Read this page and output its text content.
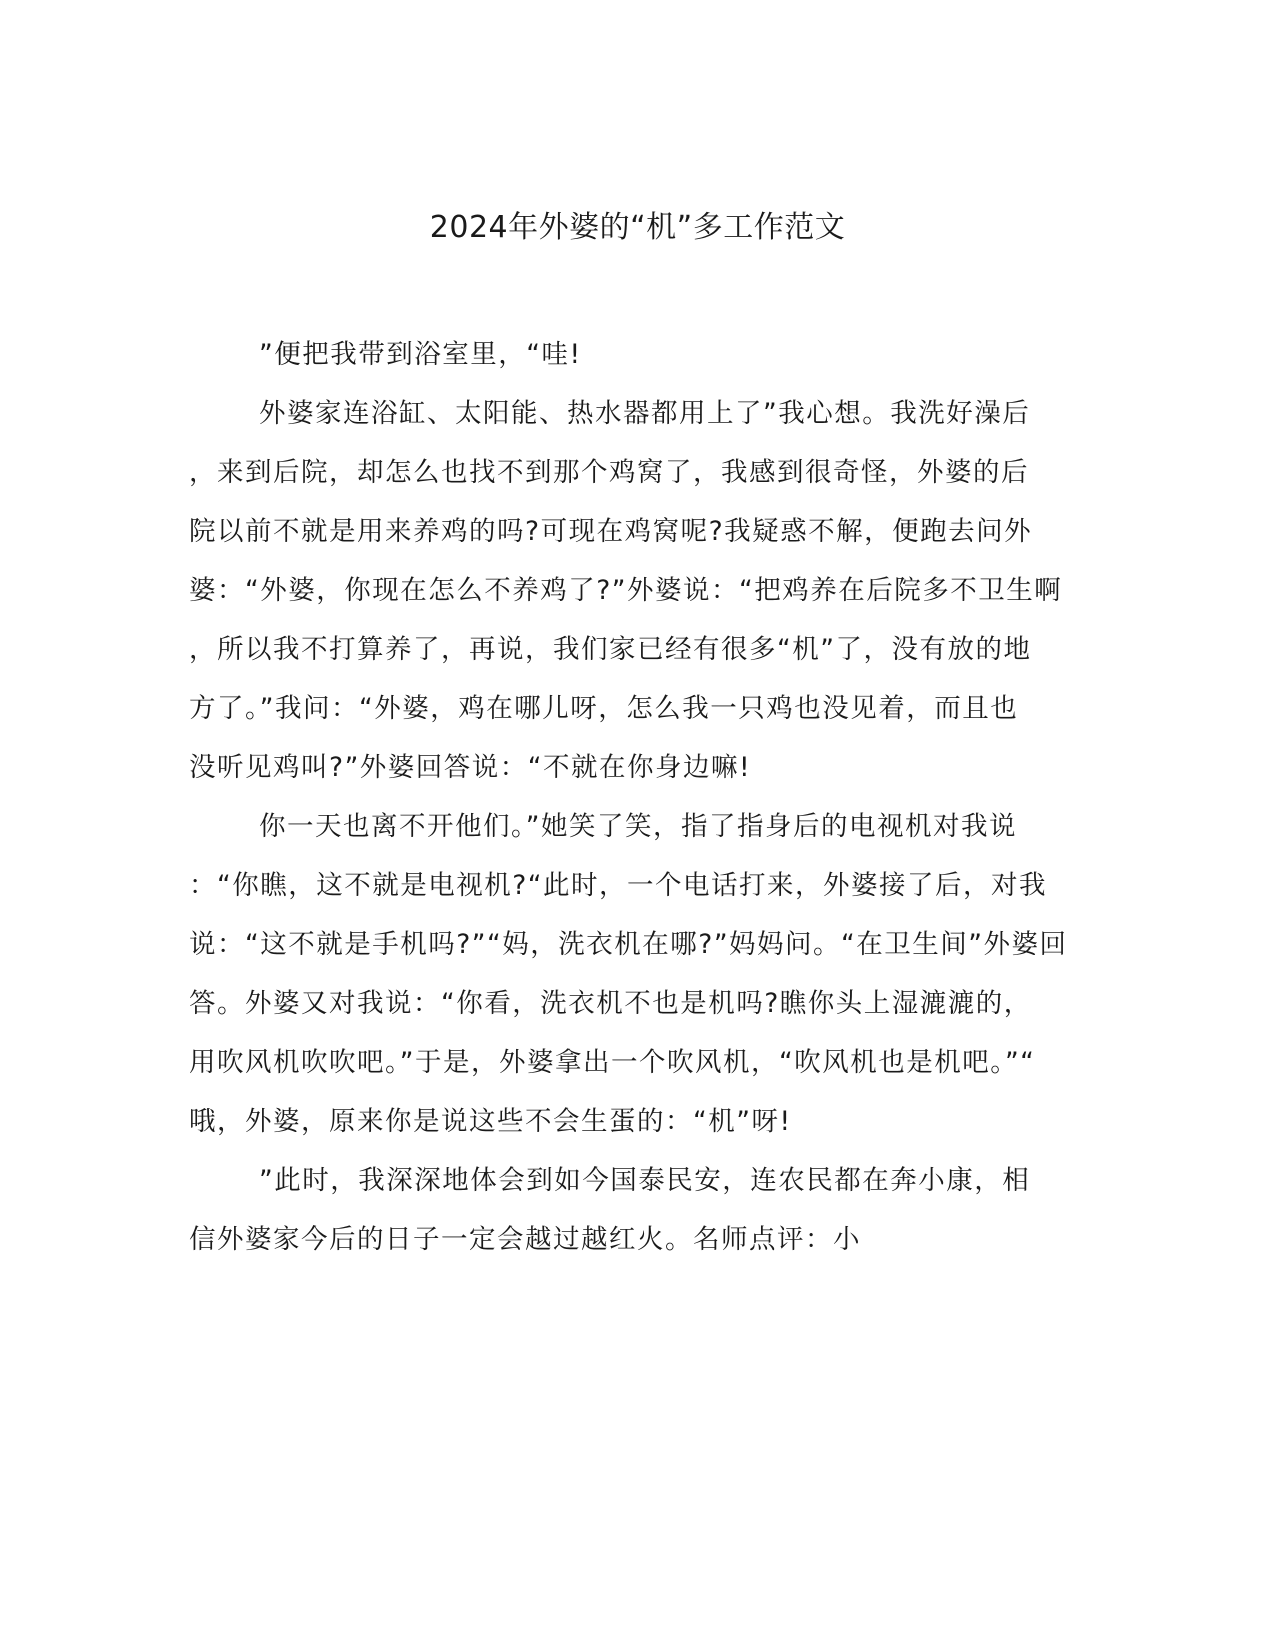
2024年外婆的“机”多工作范文

”便把我带到浴室里，“哇!

外婆家连浴缸、太阳能、热水器都用上了”我心想。我洗好澡后

，来到后院，却怎么也找不到那个鸡窝了，我感到很奇怪，外婆的后

院以前不就是用来养鸡的吗?可现在鸡窝呢?我疑惑不解，便跑去问外

婆：“外婆，你现在怎么不养鸡了?”外婆说：“把鸡养在后院多不卫生啊

，所以我不打算养了，再说，我们家已经有很多“机”了，没有放的地

方了。”我问：“外婆，鸡在哪儿呀，怎么我一只鸡也没见着，而且也

没听见鸡叫?”外婆回答说：“不就在你身边嘛!

你一天也离不开他们。”她笑了笑，指了指身后的电视机对我说

：“你瞧，这不就是电视机?“此时，一个电话打来，外婆接了后，对我

说：“这不就是手机吗?”“妈，洗衣机在哪?”妈妈问。“在卫生间”外婆回

答。外婆又对我说：“你看，洗衣机不也是机吗?瞧你头上湿漉漉的，

用吹风机吹吹吧。”于是，外婆拿出一个吹风机，“吹风机也是机吧。”“

哦，外婆，原来你是说这些不会生蛋的：“机”呀!

”此时，我深深地体会到如今国泰民安，连农民都在奔小康，相

信外婆家今后的日子一定会越过越红火。名师点评：小
